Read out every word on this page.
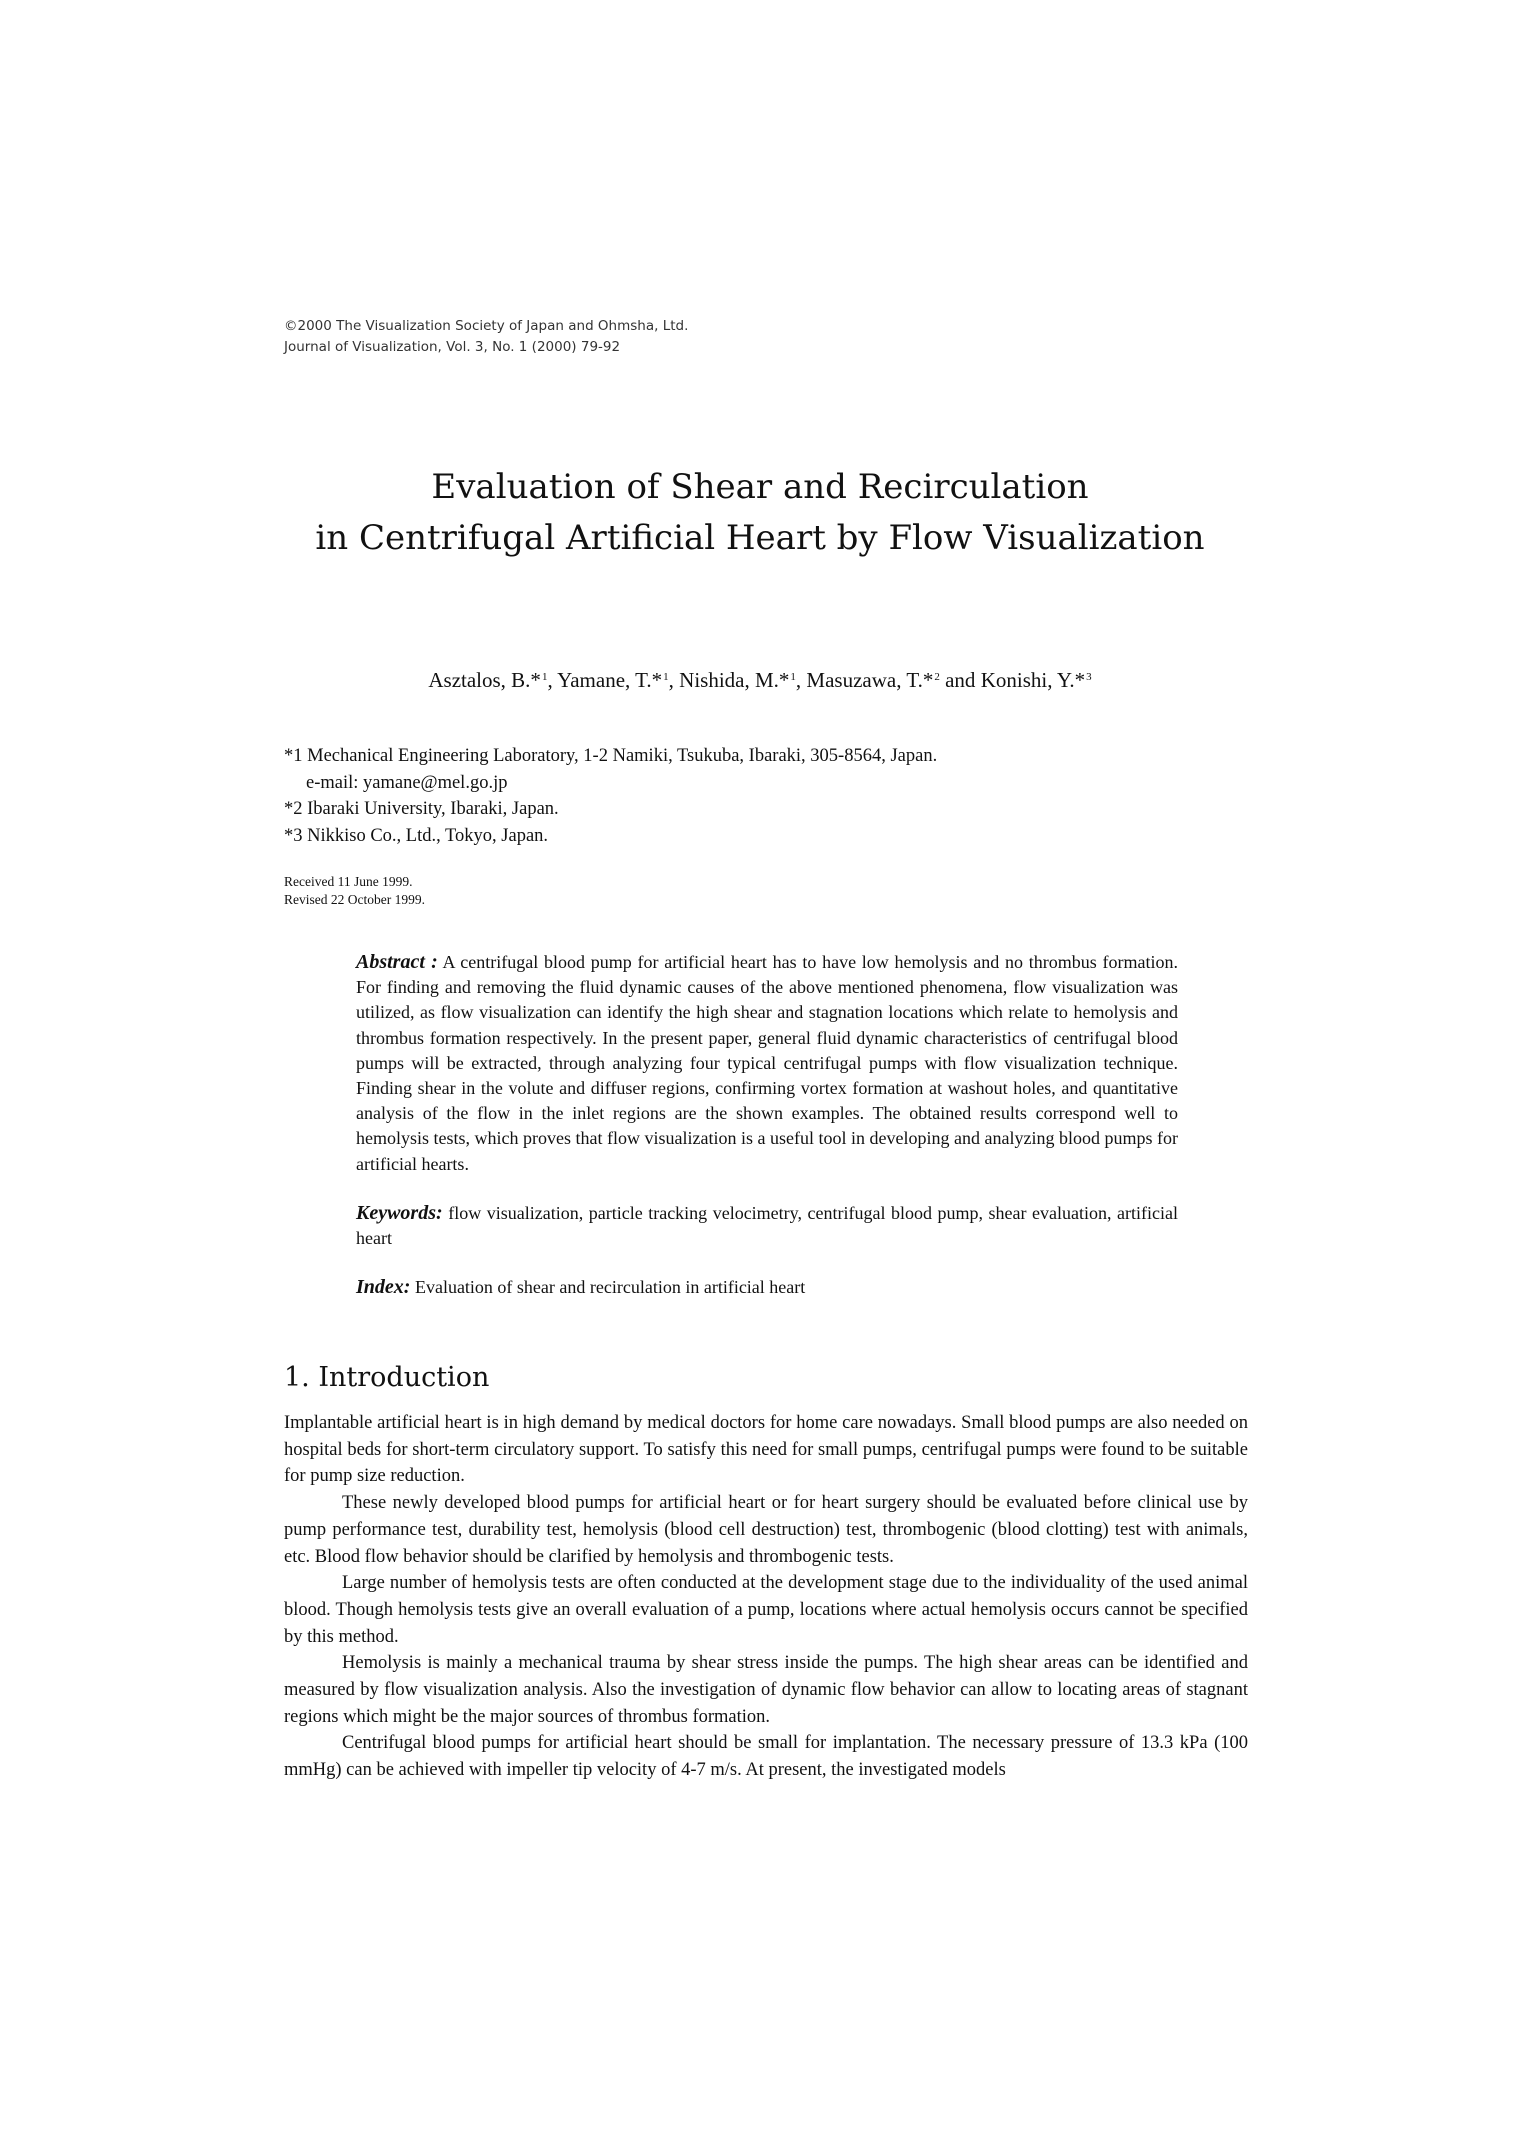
©2000 The Visualization Society of Japan and Ohmsha, Ltd.
Journal of Visualization, Vol. 3, No. 1 (2000) 79-92
Evaluation of Shear and Recirculation
in Centrifugal Artificial Heart by Flow Visualization
Asztalos, B.*$^1$, Yamane, T.*$^1$, Nishida, M.*$^1$, Masuzawa, T.*$^2$ and Konishi, Y.*$^3$
*1 Mechanical Engineering Laboratory, 1-2 Namiki, Tsukuba, Ibaraki, 305-8564, Japan.
e-mail: yamane@mel.go.jp
*2 Ibaraki University, Ibaraki, Japan.
*3 Nikkiso Co., Ltd., Tokyo, Japan.
Received 11 June 1999.
Revised 22 October 1999.

Abstract : A centrifugal blood pump for artificial heart has to have low hemolysis and no thrombus formation. For finding and removing the fluid dynamic causes of the above mentioned phenomena, flow visualization was utilized, as flow visualization can identify the high shear and stagnation locations which relate to hemolysis and thrombus formation respectively. In the present paper, general fluid dynamic characteristics of centrifugal blood pumps will be extracted, through analyzing four typical centrifugal pumps with flow visualization technique. Finding shear in the volute and diffuser regions, confirming vortex formation at washout holes, and quantitative analysis of the flow in the inlet regions are the shown examples. The obtained results correspond well to hemolysis tests, which proves that flow visualization is a useful tool in developing and analyzing blood pumps for artificial hearts.

Keywords: flow visualization, particle tracking velocimetry, centrifugal blood pump, shear evaluation, artificial heart

Index: Evaluation of shear and recirculation in artificial heart

1. Introduction

Implantable artificial heart is in high demand by medical doctors for home care nowadays. Small blood pumps are also needed on hospital beds for short-term circulatory support. To satisfy this need for small pumps, centrifugal pumps were found to be suitable for pump size reduction.

These newly developed blood pumps for artificial heart or for heart surgery should be evaluated before clinical use by pump performance test, durability test, hemolysis (blood cell destruction) test, thrombogenic (blood clotting) test with animals, etc. Blood flow behavior should be clarified by hemolysis and thrombogenic tests.

Large number of hemolysis tests are often conducted at the development stage due to the individuality of the used animal blood. Though hemolysis tests give an overall evaluation of a pump, locations where actual hemolysis occurs cannot be specified by this method.

Hemolysis is mainly a mechanical trauma by shear stress inside the pumps. The high shear areas can be identified and measured by flow visualization analysis. Also the investigation of dynamic flow behavior can allow to locating areas of stagnant regions which might be the major sources of thrombus formation.

Centrifugal blood pumps for artificial heart should be small for implantation. The necessary pressure of 13.3 kPa (100 mmHg) can be achieved with impeller tip velocity of 4-7 m/s. At present, the investigated models
